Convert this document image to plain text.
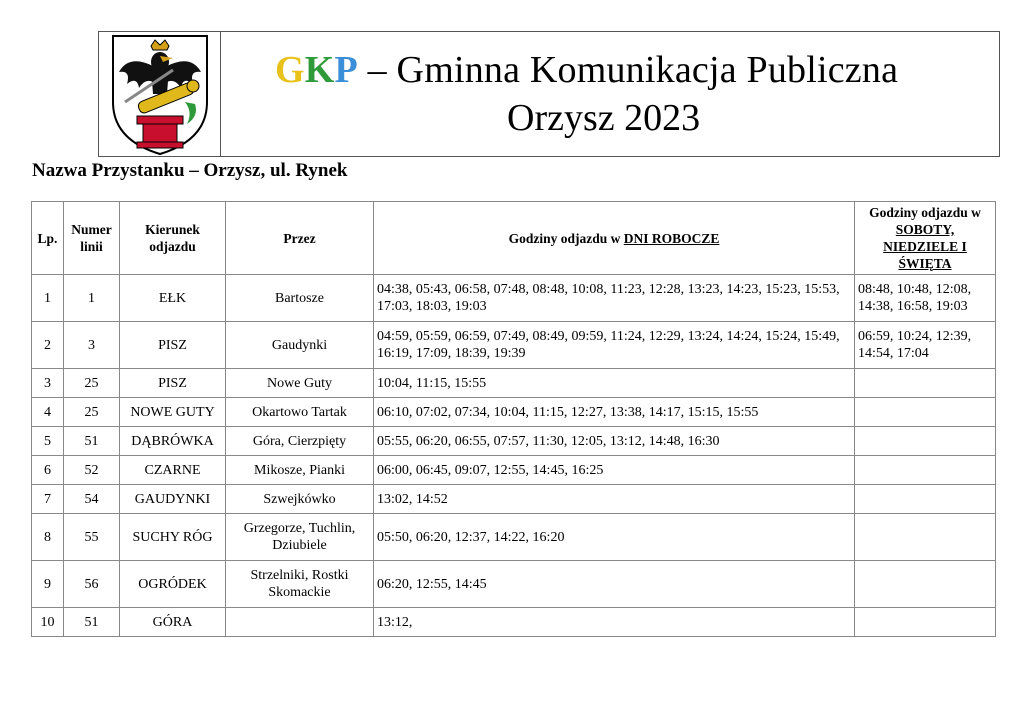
GKP – Gminna Komunikacja Publiczna
Orzysz 2023
Nazwa Przystanku – Orzysz, ul. Rynek
Lp.	Numer linii	Kierunek odjazdu	Przez	Godziny odjazdu w DNI ROBOCZE	Godziny odjazdu w SOBOTY, NIEDZIELE I ŚWIĘTA
1	1	EŁK	Bartosze	04:38, 05:43, 06:58, 07:48, 08:48, 10:08, 11:23, 12:28, 13:23, 14:23, 15:23, 15:53, 17:03, 18:03, 19:03	08:48, 10:48, 12:08, 14:38, 16:58, 19:03
2	3	PISZ	Gaudynki	04:59, 05:59, 06:59, 07:49, 08:49, 09:59, 11:24, 12:29, 13:24, 14:24, 15:24, 15:49, 16:19, 17:09, 18:39, 19:39	06:59, 10:24, 12:39, 14:54, 17:04
3	25	PISZ	Nowe Guty	10:04, 11:15, 15:55	
4	25	NOWE GUTY	Okartowo Tartak	06:10, 07:02, 07:34, 10:04, 11:15, 12:27, 13:38, 14:17, 15:15, 15:55	
5	51	DĄBRÓWKA	Góra, Cierzpięty	05:55, 06:20, 06:55, 07:57, 11:30, 12:05, 13:12, 14:48, 16:30	
6	52	CZARNE	Mikosze, Pianki	06:00, 06:45, 09:07, 12:55, 14:45, 16:25	
7	54	GAUDYNKI	Szwejkówko	13:02, 14:52	
8	55	SUCHY RÓG	Grzegorze, Tuchlin, Dziubiele	05:50, 06:20, 12:37, 14:22, 16:20	
9	56	OGRÓDEK	Strzelniki, Rostki Skomackie	06:20, 12:55, 14:45	
10	51	GÓRA		13:12,	
